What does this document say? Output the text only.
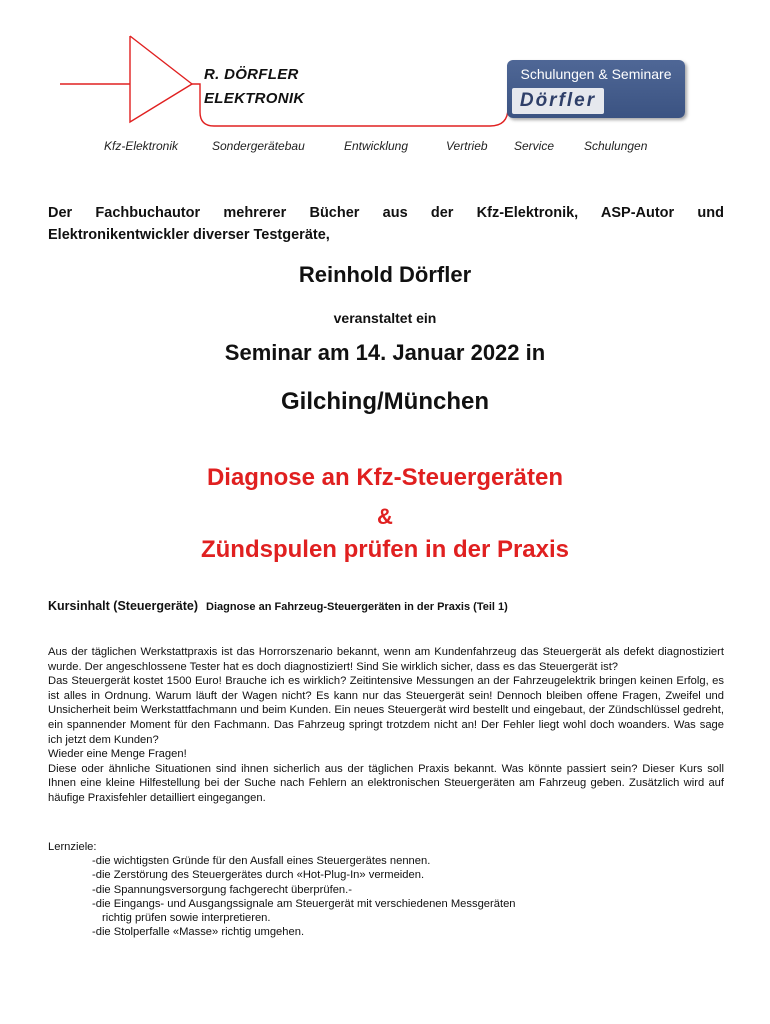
R. DÖRFLER
ELEKTRONIK
Schulungen & Seminare
Dörfler
Kfz-Elektronik	Sondergerätebau	Entwicklung	Vertrieb Service Schulungen
Der Fachbuchautor mehrerer Bücher aus der Kfz-Elektronik, ASP-Autor und
Elektronikentwickler diverser Testgeräte,
Reinhold Dörfler
veranstaltet ein
Seminar am 14. Januar 2022 in
Gilching/München
Diagnose an Kfz-Steuergeräten
&
Zündspulen prüfen in der Praxis
Kursinhalt (Steuergeräte) Diagnose an Fahrzeug-Steuergeräten in der Praxis (Teil 1)

Aus der täglichen Werkstattpraxis ist das Horrorszenario bekannt, wenn am Kundenfahrzeug das Steuergerät als defekt diagnostiziert wurde. Der angeschlossene Tester hat es doch diagnostiziert! Sind Sie wirklich sicher, dass es das Steuergerät ist?

Das Steuergerät kostet 1500 Euro! Brauche ich es wirklich? Zeitintensive Messungen an der Fahrzeugelektrik bringen keinen Erfolg, es ist alles in Ordnung. Warum läuft der Wagen nicht? Es kann nur das Steuergerät sein! Dennoch bleiben offene Fragen, Zweifel und Unsicherheit beim Werkstattfachmann und beim Kunden. Ein neues Steuergerät wird bestellt und eingebaut, der Zündschlüssel gedreht, ein spannender Moment für den Fachmann. Das Fahrzeug springt trotzdem nicht an! Der Fehler liegt wohl doch woanders. Was sage ich jetzt dem Kunden?

Wieder eine Menge Fragen!

Diese oder ähnliche Situationen sind ihnen sicherlich aus der täglichen Praxis bekannt. Was könnte passiert sein? Dieser Kurs soll Ihnen eine kleine Hilfestellung bei der Suche nach Fehlern an elektronischen Steuergeräten am Fahrzeug geben. Zusätzlich wird auf häufige Praxisfehler detailliert eingegangen.

Lernziele:
-die wichtigsten Gründe für den Ausfall eines Steuergerätes nennen.
-die Zerstörung des Steuergerätes durch «Hot-Plug-In» vermeiden.
-die Spannungsversorgung fachgerecht überprüfen.-
-die Eingangs- und Ausgangssignale am Steuergerät mit verschiedenen Messgeräten
richtig prüfen sowie interpretieren.
-die Stolperfalle «Masse» richtig umgehen.
